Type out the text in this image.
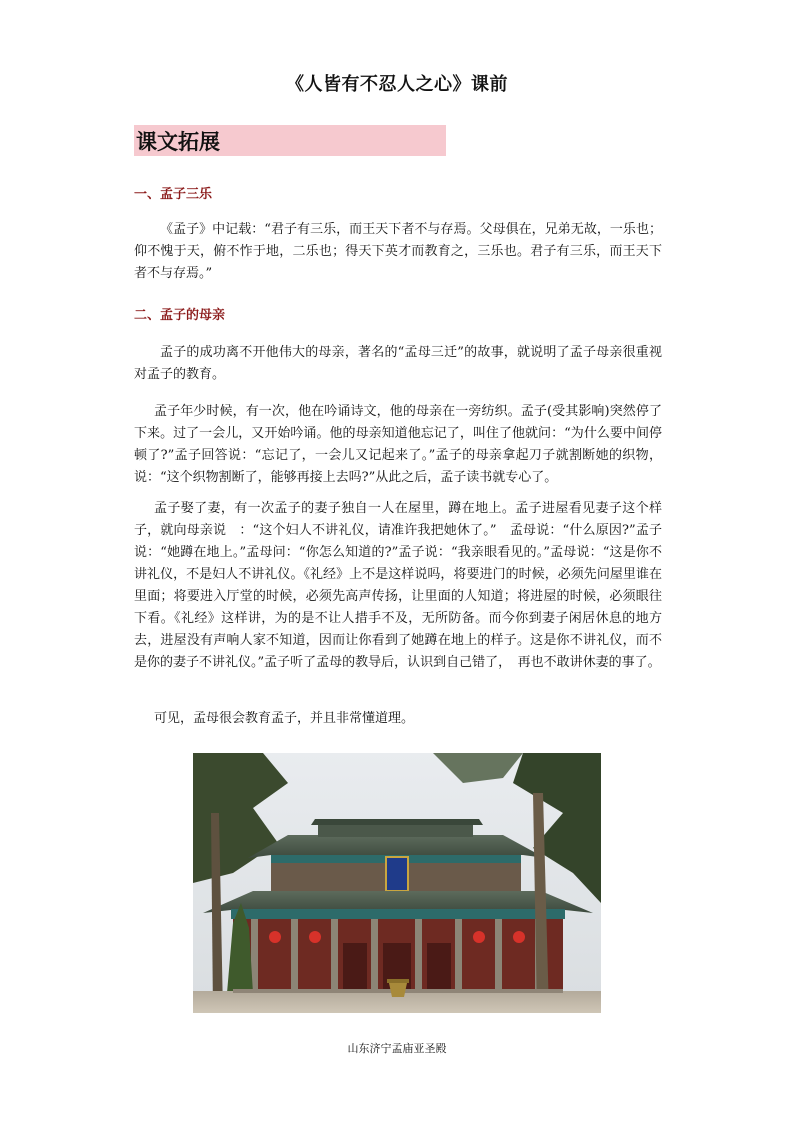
《人皆有不忍人之心》课前
课文拓展
一、孟子三乐

《孟子》中记载：“君子有三乐，而王天下者不与存焉。父母俱在，兄弟无故，一乐也；仰不愧于天，俯不怍于地，二乐也；得天下英才而教育之，三乐也。君子有三乐，而王天下者不与存焉。”

二、孟子的母亲

孟子的成功离不开他伟大的母亲，著名的“孟母三迁”的故事，就说明了孟子母亲很重视对孟子的教育。

孟子年少时候，有一次，他在吟诵诗文，他的母亲在一旁纺织。孟子(受其影响)突然停了下来。过了一会儿，又开始吟诵。他的母亲知道他忘记了，叫住了他就问：“为什么要中间停顿了?”孟子回答说：“忘记了，一会儿又记起来了。”孟子的母亲拿起刀子就割断她的织物，说：“这个织物割断了，能够再接上去吗?”从此之后，孟子读书就专心了。

孟子娶了妻，有一次孟子的妻子独自一人在屋里，蹲在地上。孟子进屋看见妻子这个样子，就向母亲说　：“这个妇人不讲礼仪，请准许我把她休了。”　孟母说：“什么原因?”孟子说：“她蹲在地上。”孟母问：“你怎么知道的?”孟子说：“我亲眼看见的。”孟母说：“这是你不讲礼仪，不是妇人不讲礼仪。《礼经》上不是这样说吗，将要进门的时候，必须先问屋里谁在里面；将要进入厅堂的时候，必须先高声传扬，让里面的人知道；将进屋的时候，必须眼往下看。《礼经》这样讲，为的是不让人措手不及，无所防备。而今你到妻子闲居休息的地方去，进屋没有声响人家不知道，因而让你看到了她蹲在地上的样子。这是你不讲礼仪，而不是你的妻子不讲礼仪。”孟子听了孟母的教导后，认识到自己错了，　再也不敢讲休妻的事了。

可见，孟母很会教育孟子，并且非常懂道理。

山东济宁孟庙亚圣殿
